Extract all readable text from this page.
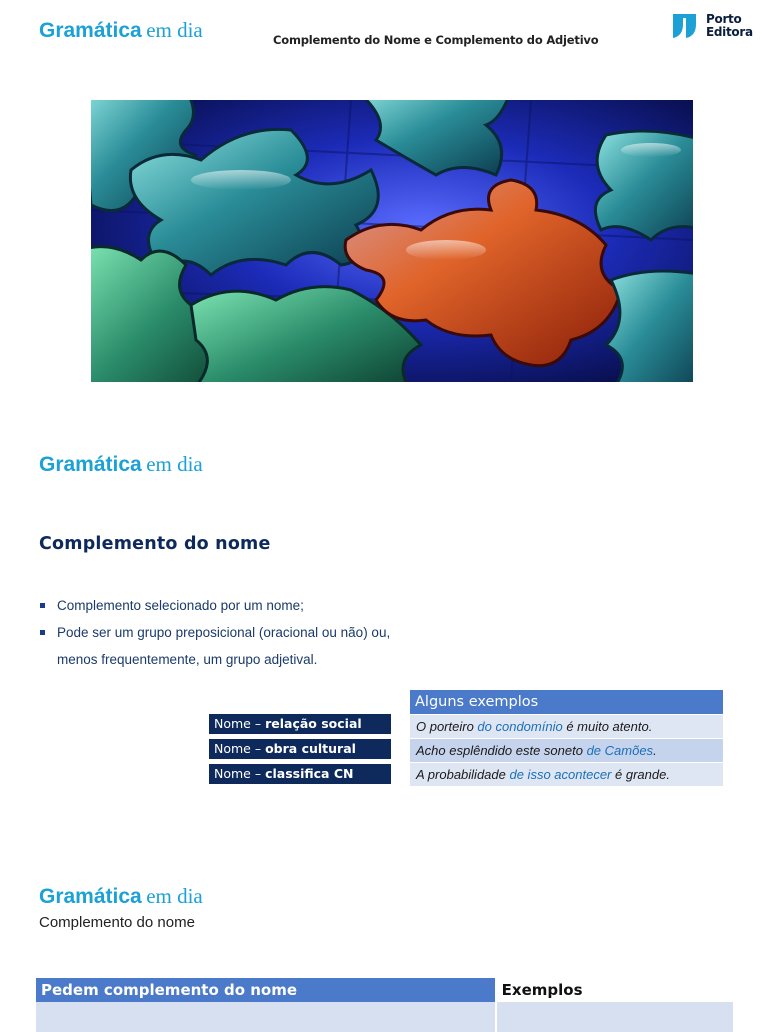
Gramática em dia	Complemento do Nome e Complemento do Adjetivo
Porto
Editora
Gramática em dia
Complemento do nome
Complemento selecionado por um nome;
Pode ser um grupo preposicional (oracional ou não) ou,
menos frequentemente, um grupo adjetival.
Nome – relação social
Nome – obra cultural
Nome – classifica CN
Alguns exemplos
O porteiro do condomínio é muito atento.
Acho esplêndido este soneto de Camões.
A probabilidade de isso acontecer é grande.
Gramática em dia
Complemento do nome
Pedem complemento do nome	Exemplos
